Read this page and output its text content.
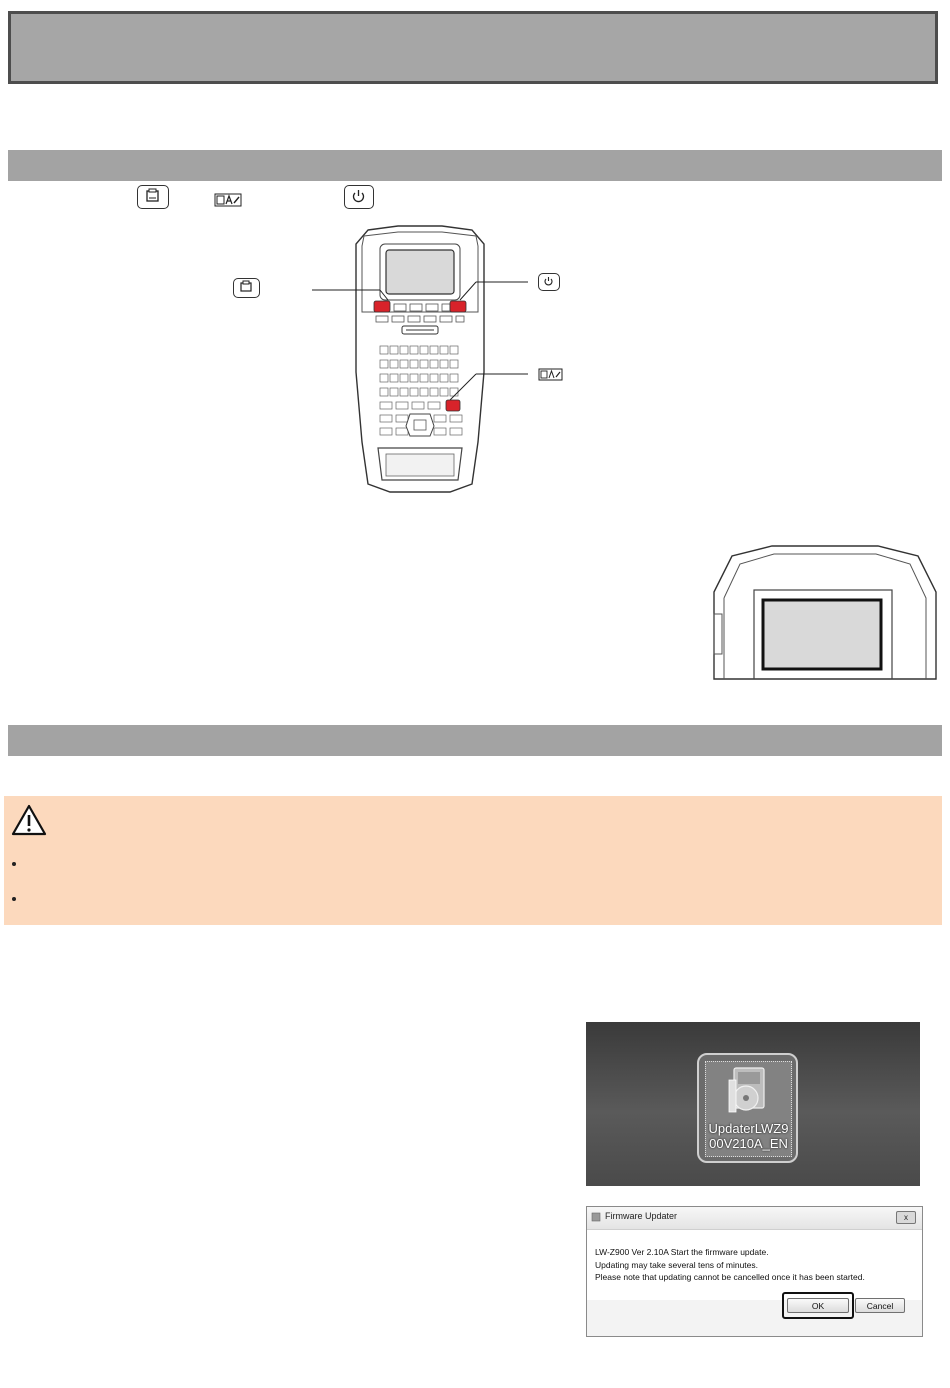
UpdaterLWZ9
00V210A_EN
Firmware Updater	x
LW-Z900 Ver 2.10A Start the firmware update.
Updating may take several tens of minutes.
Please note that updating cannot be cancelled once it has been started.
OK	Cancel
